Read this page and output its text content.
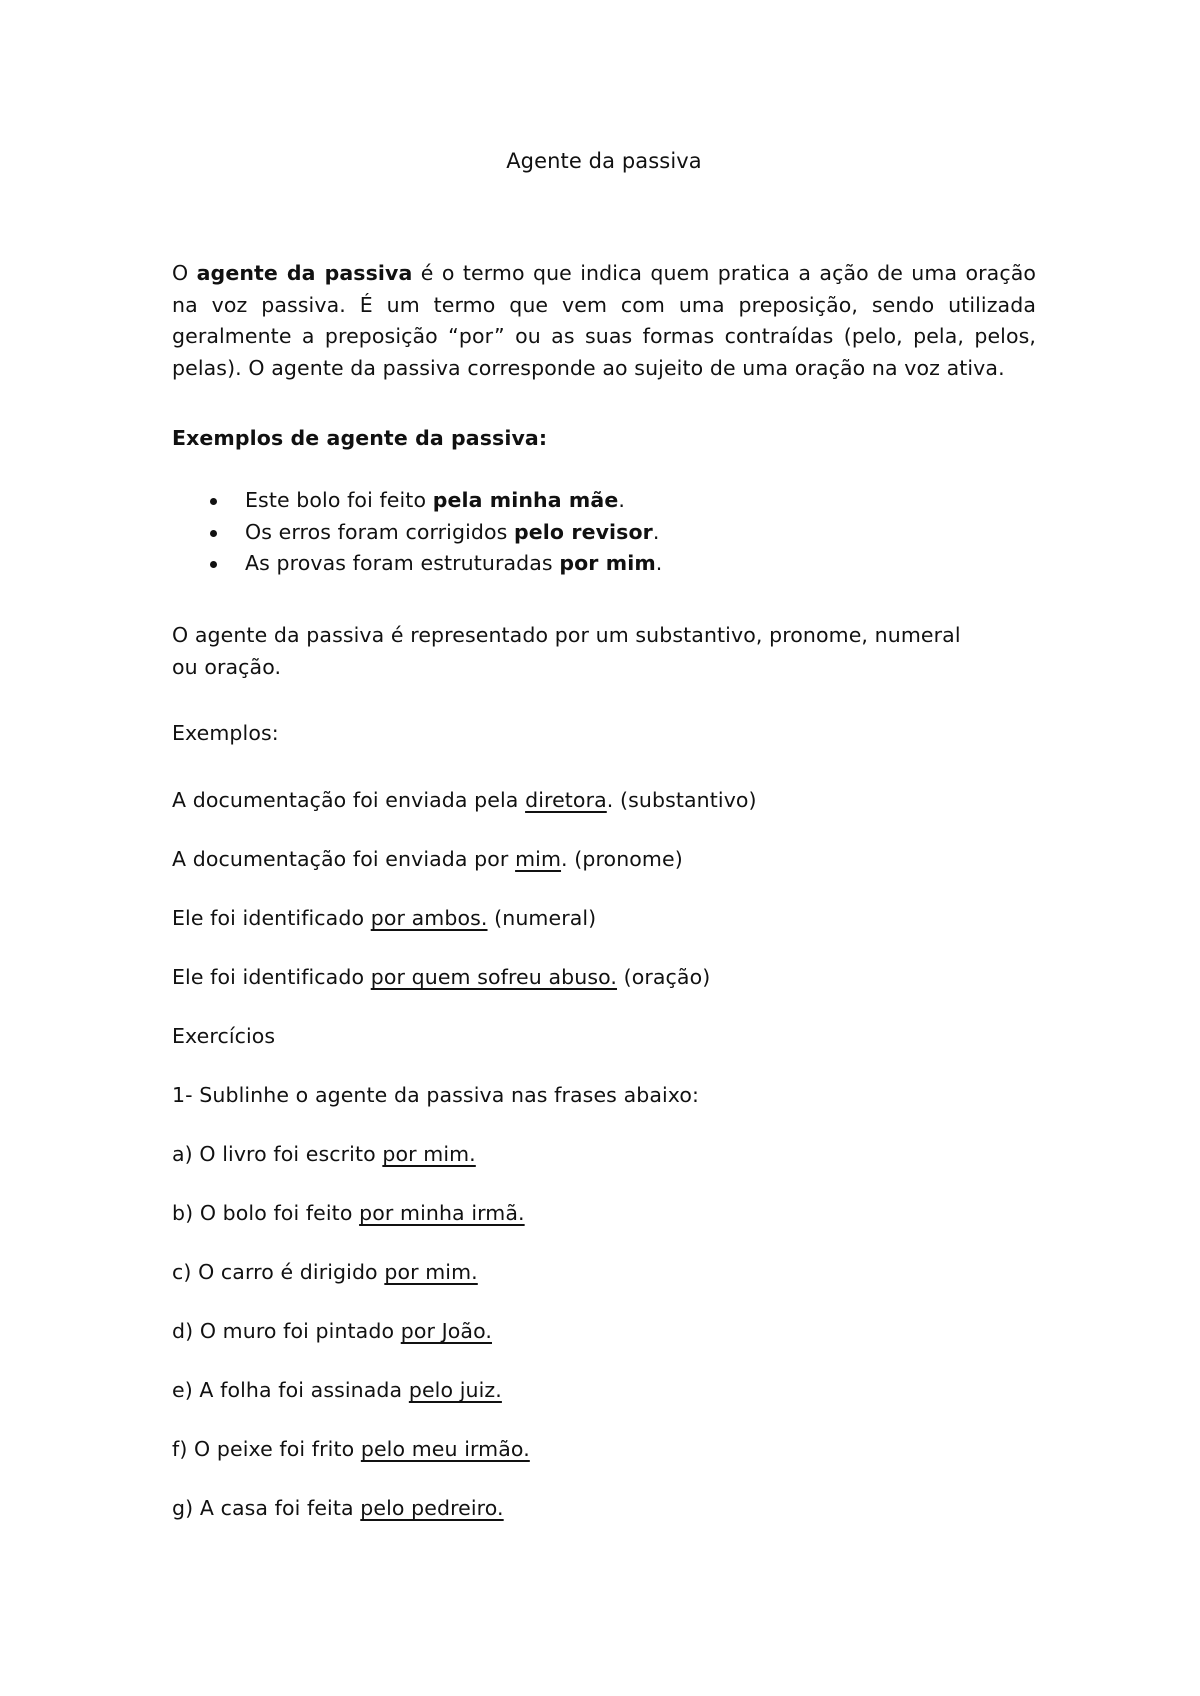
Agente da passiva

O agente da passiva é o termo que indica quem pratica a ação de uma oração na voz passiva. É um termo que vem com uma preposição, sendo utilizada geralmente a preposição “por” ou as suas formas contraídas (pelo, pela, pelos, pelas). O agente da passiva corresponde ao sujeito de uma oração na voz ativa.

Exemplos de agente da passiva:

Este bolo foi feito pela minha mãe.
Os erros foram corrigidos pelo revisor.
As provas foram estruturadas por mim.

O agente da passiva é representado por um substantivo, pronome, numeral ou oração.

Exemplos:

A documentação foi enviada pela diretora. (substantivo)

A documentação foi enviada por mim. (pronome)

Ele foi identificado por ambos. (numeral)

Ele foi identificado por quem sofreu abuso. (oração)

Exercícios

1- Sublinhe o agente da passiva nas frases abaixo:

a) O livro foi escrito por mim.

b) O bolo foi feito por minha irmã.

c) O carro é dirigido por mim.

d) O muro foi pintado por João.

e) A folha foi assinada pelo juiz.

f) O peixe foi frito pelo meu irmão.

g) A casa foi feita pelo pedreiro.
